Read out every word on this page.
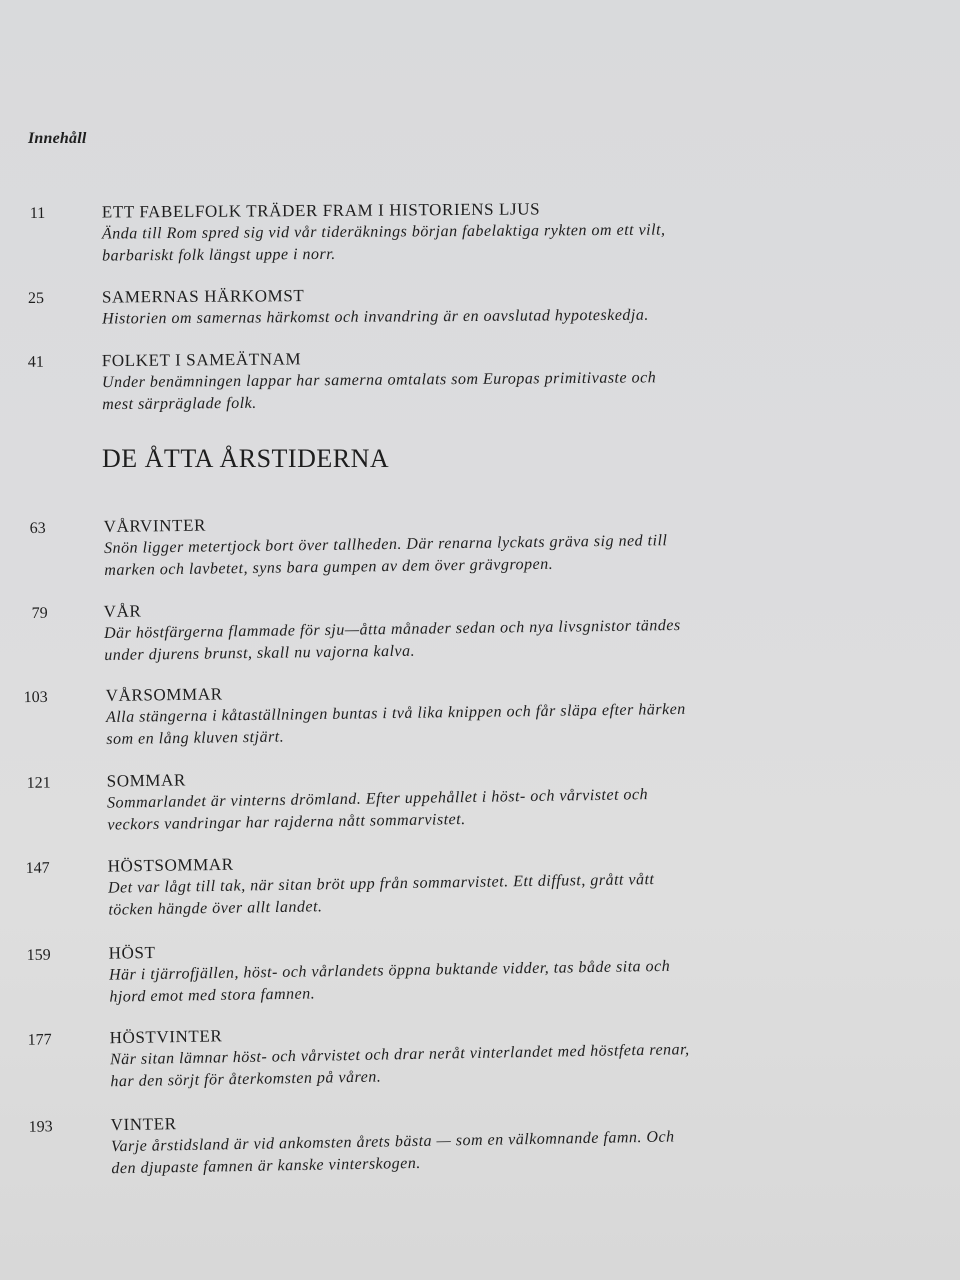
Innehåll
11	ETT FABELFOLK TRÄDER FRAM I HISTORIENS LJUS
Ända till Rom spred sig vid vår tideräknings början fabelaktiga rykten om ett vilt,
barbariskt folk längst uppe i norr.
25	SAMERNAS HÄRKOMST
Historien om samernas härkomst och invandring är en oavslutad hypoteskedja.
41	FOLKET I SAMEÄTNAM
Under benämningen lappar har samerna omtalats som Europas primitivaste och
mest särpräglade folk.
DE ÅTTA ÅRSTIDERNA
63	VÅRVINTER
Snön ligger metertjock bort över tallheden. Där renarna lyckats gräva sig ned till
marken och lavbetet, syns bara gumpen av dem över grävgropen.
79	VÅR
Där höstfärgerna flammade för sju—åtta månader sedan och nya livsgnistor tändes
under djurens brunst, skall nu vajorna kalva.
103	VÅRSOMMAR
Alla stängerna i kåtaställningen buntas i två lika knippen och får släpa efter härken
som en lång kluven stjärt.
121	SOMMAR
Sommarlandet är vinterns drömland. Efter uppehållet i höst- och vårvistet och
veckors vandringar har rajderna nått sommarvistet.
147	HÖSTSOMMAR
Det var lågt till tak, när sitan bröt upp från sommarvistet. Ett diffust, grått vått
töcken hängde över allt landet.
159	HÖST
Här i tjärrofjällen, höst- och vårlandets öppna buktande vidder, tas både sita och
hjord emot med stora famnen.
177	HÖSTVINTER
När sitan lämnar höst- och vårvistet och drar neråt vinterlandet med höstfeta renar,
har den sörjt för återkomsten på våren.
193	VINTER
Varje årstidsland är vid ankomsten årets bästa — som en välkomnande famn. Och
den djupaste famnen är kanske vinterskogen.
